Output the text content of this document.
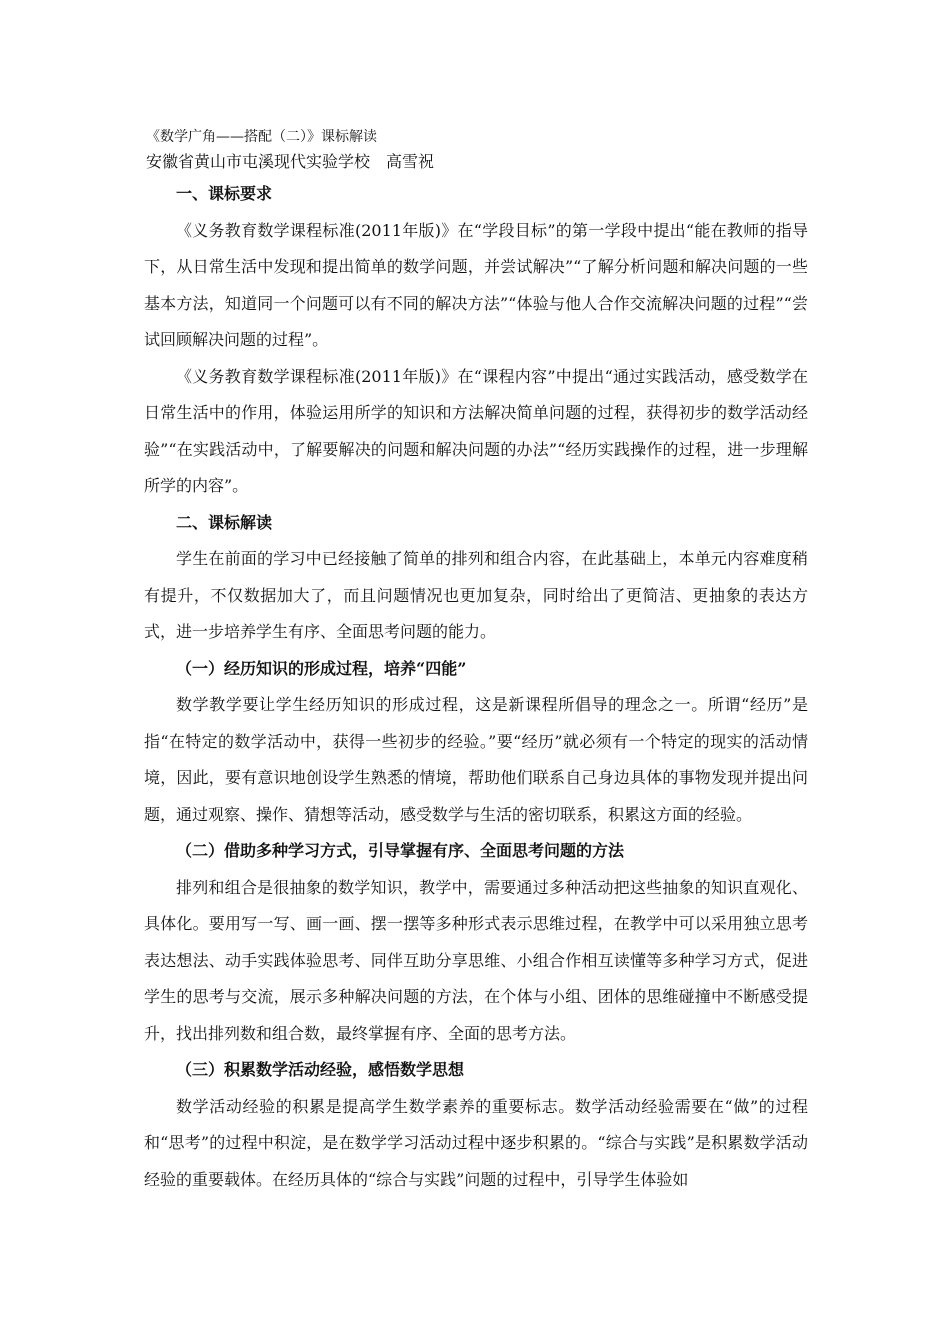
《数学广角——搭配（二）》课标解读
安徽省黄山市屯溪现代实验学校　高雪祝
一、课标要求

《义务教育数学课程标准(2011年版)》在“学段目标”的第一学段中提出“能在教师的指导下，从日常生活中发现和提出简单的数学问题，并尝试解决”“了解分析问题和解决问题的一些基本方法，知道同一个问题可以有不同的解决方法”“体验与他人合作交流解决问题的过程”“尝试回顾解决问题的过程”。

《义务教育数学课程标准(2011年版)》在“课程内容”中提出“通过实践活动，感受数学在日常生活中的作用，体验运用所学的知识和方法解决简单问题的过程，获得初步的数学活动经验”“在实践活动中，了解要解决的问题和解决问题的办法”“经历实践操作的过程，进一步理解所学的内容”。

二、课标解读

学生在前面的学习中已经接触了简单的排列和组合内容，在此基础上，本单元内容难度稍有提升，不仅数据加大了，而且问题情况也更加复杂，同时给出了更简洁、更抽象的表达方式，进一步培养学生有序、全面思考问题的能力。

（一）经历知识的形成过程，培养“四能”

数学教学要让学生经历知识的形成过程，这是新课程所倡导的理念之一。所谓“经历”是指“在特定的数学活动中，获得一些初步的经验。”要“经历”就必须有一个特定的现实的活动情境，因此，要有意识地创设学生熟悉的情境，帮助他们联系自己身边具体的事物发现并提出问题，通过观察、操作、猜想等活动，感受数学与生活的密切联系，积累这方面的经验。

（二）借助多种学习方式，引导掌握有序、全面思考问题的方法

排列和组合是很抽象的数学知识，教学中，需要通过多种活动把这些抽象的知识直观化、具体化。要用写一写、画一画、摆一摆等多种形式表示思维过程，在教学中可以采用独立思考表达想法、动手实践体验思考、同伴互助分享思维、小组合作相互读懂等多种学习方式，促进学生的思考与交流，展示多种解决问题的方法，在个体与小组、团体的思维碰撞中不断感受提升，找出排列数和组合数，最终掌握有序、全面的思考方法。

（三）积累数学活动经验，感悟数学思想

数学活动经验的积累是提高学生数学素养的重要标志。数学活动经验需要在“做”的过程和“思考”的过程中积淀，是在数学学习活动过程中逐步积累的。“综合与实践”是积累数学活动经验的重要载体。在经历具体的“综合与实践”问题的过程中，引导学生体验如
